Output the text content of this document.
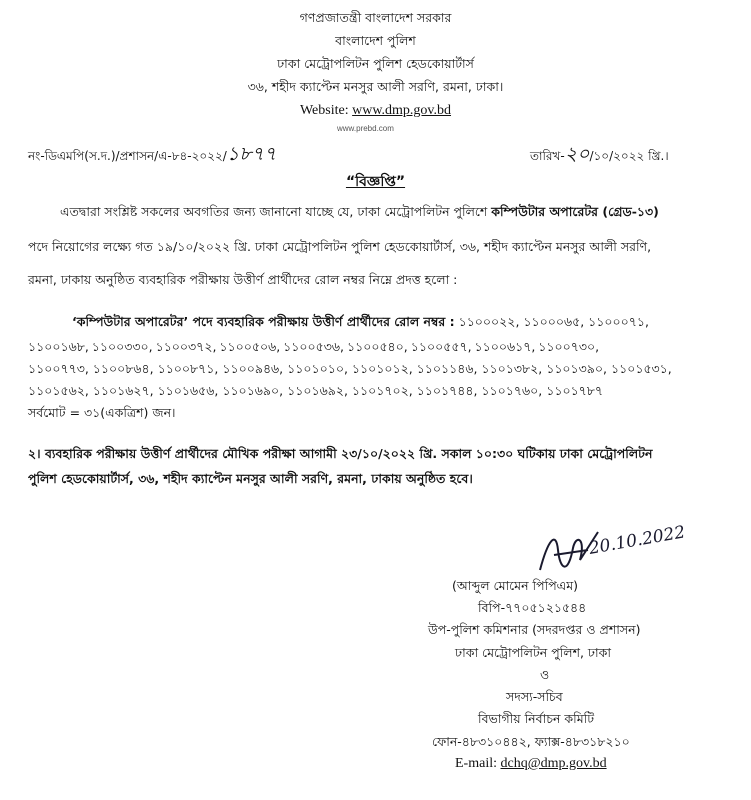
গণপ্রজাতন্ত্রী বাংলাদেশ সরকার
বাংলাদেশ পুলিশ
ঢাকা মেট্রোপলিটন পুলিশ হেডকোয়ার্টার্স
৩৬, শহীদ ক্যাপ্টেন মনসুর আলী সরণি, রমনা, ঢাকা।
Website: www.dmp.gov.bd
www.prebd.com
নং-ডিএমপি(স.দ.)/প্রশাসন/এ-৮৪-২০২২/১৮৭৭	তারিখ-২০/১০/২০২২ খ্রি.।
“বিজ্ঞপ্তি”
এতদ্বারা সংশ্লিষ্ট সকলের অবগতির জন্য জানানো যাচ্ছে যে, ঢাকা মেট্রোপলিটন পুলিশে কম্পিউটার অপারেটর (গ্রেড-১৩)
পদে নিয়োগের লক্ষ্যে গত ১৯/১০/২০২২ খ্রি. ঢাকা মেট্রোপলিটন পুলিশ হেডকোয়ার্টার্স, ৩৬, শহীদ ক্যাপ্টেন মনসুর আলী সরণি,
রমনা, ঢাকায় অনুষ্ঠিত ব্যবহারিক পরীক্ষায় উত্তীর্ণ প্রার্থীদের রোল নম্বর নিম্নে প্রদত্ত হলো :
‘কম্পিউটার অপারেটর’ পদে ব্যবহারিক পরীক্ষায় উত্তীর্ণ প্রার্থীদের রোল নম্বর : ১১০০০২২, ১১০০০৬৫, ১১০০০৭১,
১১০০১৬৮, ১১০০৩৩০, ১১০০৩৭২, ১১০০৫০৬, ১১০০৫৩৬, ১১০০৫৪০, ১১০০৫৫৭, ১১০০৬১৭, ১১০০৭৩০,
১১০০৭৭৩, ১১০০৮৬৪, ১১০০৮৭১, ১১০০৯৪৬, ১১০১০১০, ১১০১০১২, ১১০১১৪৬, ১১০১৩৮২, ১১০১৩৯০, ১১০১৫৩১,
১১০১৫৬২, ১১০১৬২৭, ১১০১৬৫৬, ১১০১৬৯০, ১১০১৬৯২, ১১০১৭০২, ১১০১৭৪৪, ১১০১৭৬০, ১১০১৭৮৭
সর্বমোট = ৩১(একত্রিশ) জন।
২। ব্যবহারিক পরীক্ষায় উত্তীর্ণ প্রার্থীদের মৌখিক পরীক্ষা আগামী ২৩/১০/২০২২ খ্রি. সকাল ১০:৩০ ঘটিকায় ঢাকা মেট্রোপলিটন
পুলিশ হেডকোয়ার্টার্স, ৩৬, শহীদ ক্যাপ্টেন মনসুর আলী সরণি, রমনা, ঢাকায় অনুষ্ঠিত হবে।
20.10.2022
(আব্দুল মোমেন পিপিএম)
বিপি-৭৭০৫১২১৫৪৪
উপ-পুলিশ কমিশনার (সদরদপ্তর ও প্রশাসন)
ঢাকা মেট্রোপলিটন পুলিশ, ঢাকা
ও
সদস্য-সচিব
বিভাগীয় নির্বাচন কমিটি
ফোন-৪৮৩১০৪৪২, ফ্যাক্স-৪৮৩১৮২১০
E-mail: dchq@dmp.gov.bd
